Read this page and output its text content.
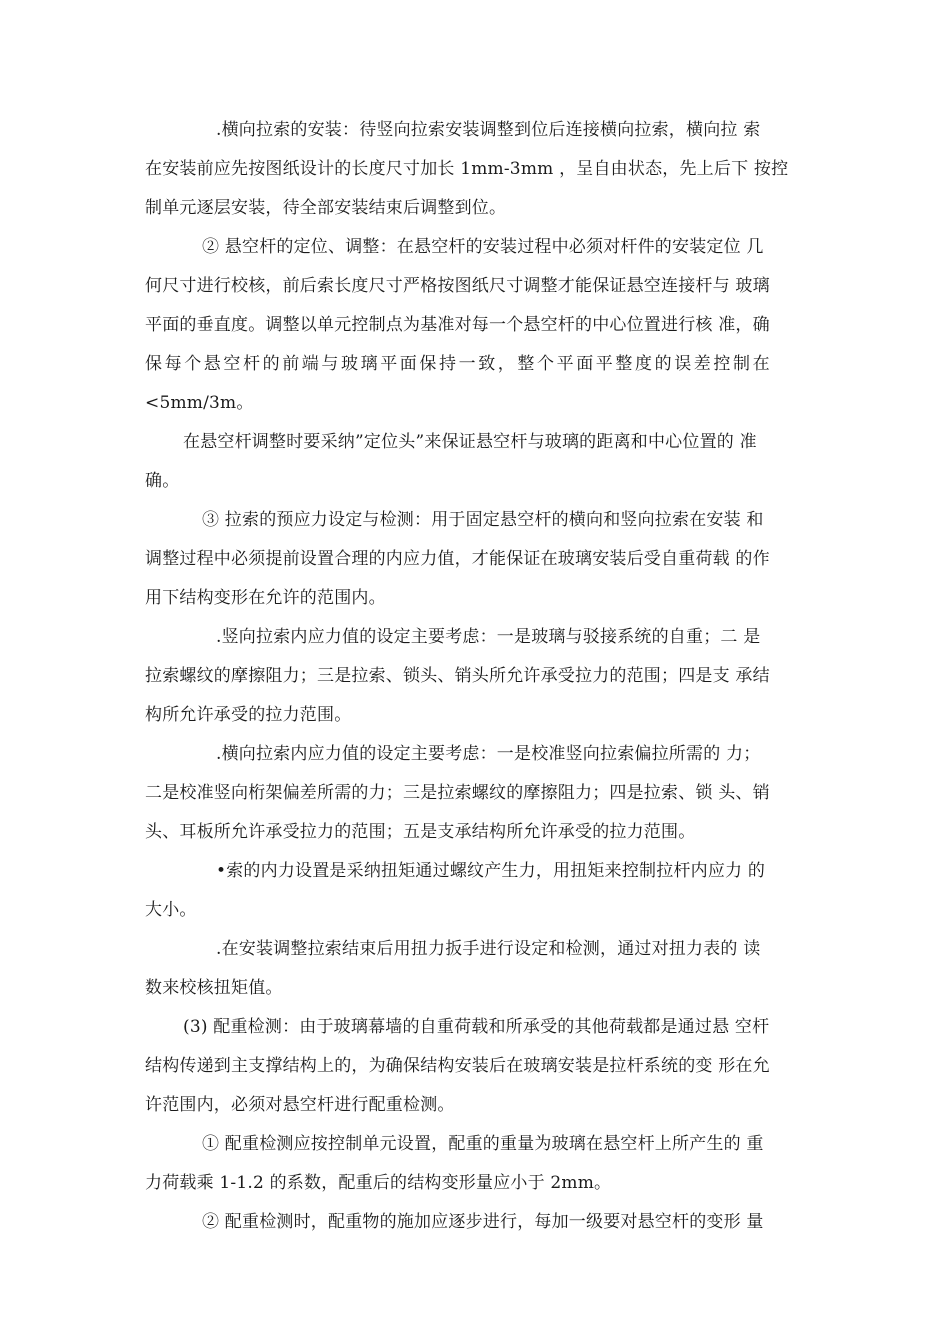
.横向拉索的安装：待竖向拉索安装调整到位后连接横向拉索，横向拉 索
在安装前应先按图纸设计的长度尺寸加长 1mm-3mm ，呈自由状态，先上后下 按控
制单元逐层安装，待全部安装结束后调整到位。
② 悬空杆的定位、调整：在悬空杆的安装过程中必须对杆件的安装定位 几
何尺寸进行校核，前后索长度尺寸严格按图纸尺寸调整才能保证悬空连接杆与 玻璃
平面的垂直度。调整以单元控制点为基准对每一个悬空杆的中心位置进行核 准，确
保每个悬空杆的前端与玻璃平面保持一致，整个平面平整度的误差控制在
<5mm/3m。
在悬空杆调整时要采纳”定位头”来保证悬空杆与玻璃的距离和中心位置的 准
确。
③ 拉索的预应力设定与检测：用于固定悬空杆的横向和竖向拉索在安装 和
调整过程中必须提前设置合理的内应力值，才能保证在玻璃安装后受自重荷载 的作
用下结构变形在允许的范围内。
.竖向拉索内应力值的设定主要考虑：一是玻璃与驳接系统的自重；二 是
拉索螺纹的摩擦阻力；三是拉索、锁头、销头所允许承受拉力的范围；四是支 承结
构所允许承受的拉力范围。
.横向拉索内应力值的设定主要考虑：一是校准竖向拉索偏拉所需的 力；
二是校准竖向桁架偏差所需的力；三是拉索螺纹的摩擦阻力；四是拉索、锁 头、销
头、耳板所允许承受拉力的范围；五是支承结构所允许承受的拉力范围。
•索的内力设置是采纳扭矩通过螺纹产生力，用扭矩来控制拉杆内应力 的
大小。
.在安装调整拉索结束后用扭力扳手进行设定和检测，通过对扭力表的 读
数来校核扭矩值。
(3) 配重检测：由于玻璃幕墙的自重荷载和所承受的其他荷载都是通过悬 空杆
结构传递到主支撑结构上的，为确保结构安装后在玻璃安装是拉杆系统的变 形在允
许范围内，必须对悬空杆进行配重检测。
① 配重检测应按控制单元设置，配重的重量为玻璃在悬空杆上所产生的 重
力荷载乘 1-1.2 的系数，配重后的结构变形量应小于 2mm。
② 配重检测时，配重物的施加应逐步进行，每加一级要对悬空杆的变形 量
